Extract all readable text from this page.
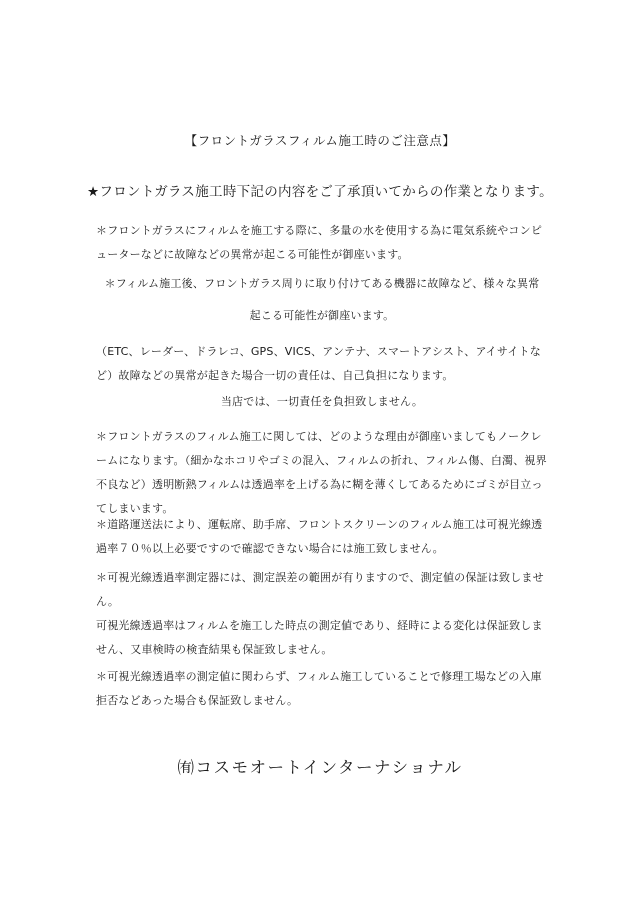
【フロントガラスフィルム施工時のご注意点】
★フロントガラス施工時下記の内容をご了承頂いてからの作業となります。

＊フロントガラスにフィルムを施工する際に、多量の水を使用する為に電気系統やコンピューターなどに故障などの異常が起こる可能性が御座います。

＊フィルム施工後、フロントガラス周りに取り付けてある機器に故障など、様々な異常

起こる可能性が御座います。

（ETC、レーダー、ドラレコ、GPS、VICS、アンテナ、スマートアシスト、アイサイトなど）故障などの異常が起きた場合一切の責任は、自己負担になります。

当店では、一切責任を負担致しません。

＊フロントガラスのフィルム施工に関しては、どのような理由が御座いましてもノークレームになります。（細かなホコリやゴミの混入、フィルムの折れ、フィルム傷、白濁、視界不良など）透明断熱フィルムは透過率を上げる為に糊を薄くしてあるためにゴミが目立ってしまいます。

＊道路運送法により、運転席、助手席、フロントスクリーンのフィルム施工は可視光線透過率７０％以上必要ですので確認できない場合には施工致しません。

＊可視光線透過率測定器には、測定誤差の範囲が有りますので、測定値の保証は致しません。

可視光線透過率はフィルムを施工した時点の測定値であり、経時による変化は保証致しません、又車検時の検査結果も保証致しません。

＊可視光線透過率の測定値に関わらず、フィルム施工していることで修理工場などの入庫拒否などあった場合も保証致しません。

㈲コスモオートインターナショナル
